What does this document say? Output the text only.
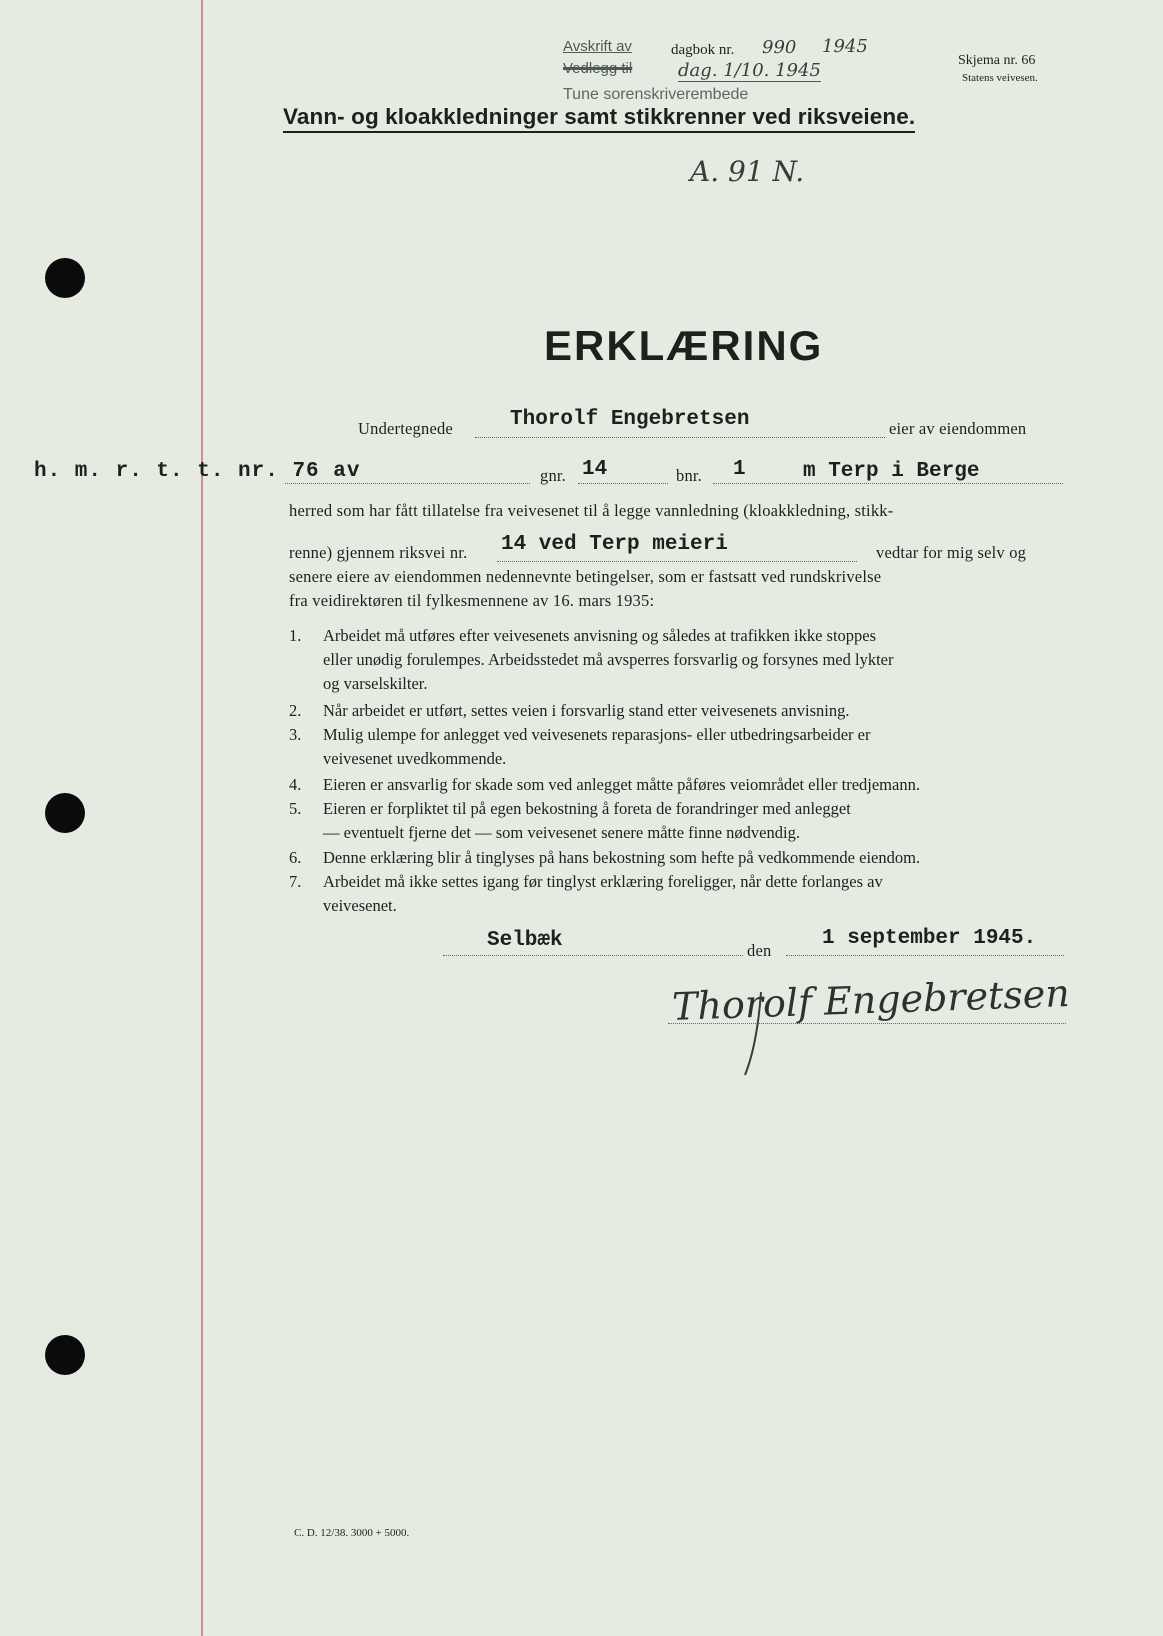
Avskrift av
Vedlegg til
dagbok nr. 990 1945
dag. 1/10. 1945
Tune sorenskriverembede
Skjema nr. 66
Statens veivesen.
Vann- og kloakkledninger samt stikkrenner ved riksveiene.
A. 91 N.
ERKLÆRING
Undertegnede	Thorolf Engebretsen	eier av eiendommen
h. m. r. t. t. nr. 76 av	gnr. 14	bnr. 1	m Terp i Berge
herred som har fått tillatelse fra veivesenet til å legge vannledning (kloakkledning, stikk-
renne) gjennem riksvei nr. 14 ved Terp meieri	vedtar for mig selv og
senere eiere av eiendommen nedennevnte betingelser, som er fastsatt ved rundskrivelse
fra veidirektøren til fylkesmennene av 16. mars 1935:
1. Arbeidet må utføres efter veivesenets anvisning og således at trafikken ikke stoppes
eller unødig forulempes. Arbeidsstedet må avsperres forsvarlig og forsynes med lykter
og varselskilter.
2. Når arbeidet er utført, settes veien i forsvarlig stand etter veivesenets anvisning.
3. Mulig ulempe for anlegget ved veivesenets reparasjons- eller utbedringsarbeider er
veivesenet uvedkommende.
4. Eieren er ansvarlig for skade som ved anlegget måtte påføres veiområdet eller tredjemann.
5. Eieren er forpliktet til på egen bekostning å foreta de forandringer med anlegget
— eventuelt fjerne det — som veivesenet senere måtte finne nødvendig.
6. Denne erklæring blir å tinglyses på hans bekostning som hefte på vedkommende eiendom.
7. Arbeidet må ikke settes igang før tinglyst erklæring foreligger, når dette forlanges av
veivesenet.
Selbæk	den
1 september 1945.
Thorolf Engebretsen
C. D. 12/38. 3000 + 5000.
